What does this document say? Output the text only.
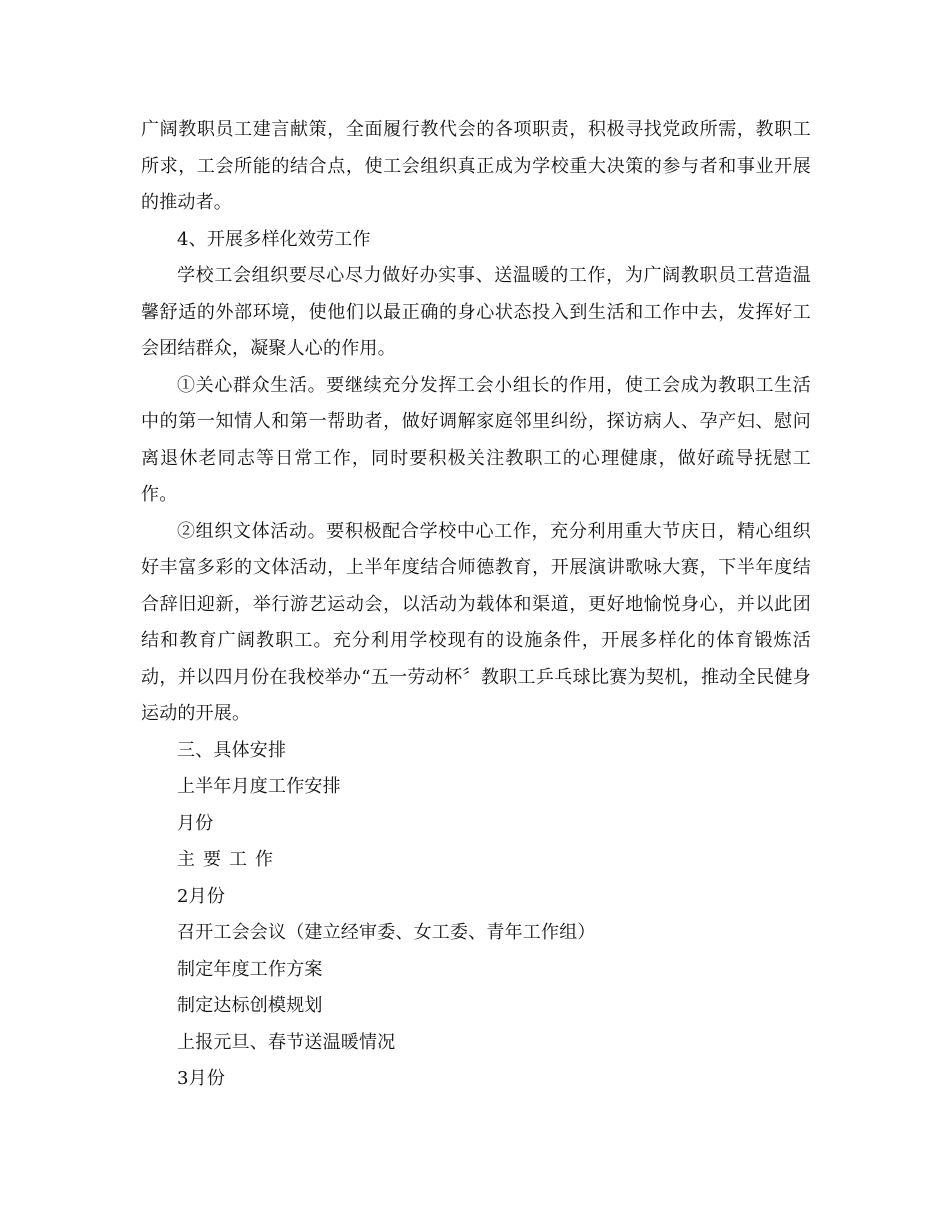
广阔教职员工建言献策，全面履行教代会的各项职责，积极寻找党政所需，教职工所求，工会所能的结合点，使工会组织真正成为学校重大决策的参与者和事业开展的推动者。

4、开展多样化效劳工作

学校工会组织要尽心尽力做好办实事、送温暖的工作，为广阔教职员工营造温馨舒适的外部环境，使他们以最正确的身心状态投入到生活和工作中去，发挥好工会团结群众，凝聚人心的作用。

①关心群众生活。要继续充分发挥工会小组长的作用，使工会成为教职工生活中的第一知情人和第一帮助者，做好调解家庭邻里纠纷，探访病人、孕产妇、慰问离退休老同志等日常工作，同时要积极关注教职工的心理健康，做好疏导抚慰工作。

②组织文体活动。要积极配合学校中心工作，充分利用重大节庆日，精心组织好丰富多彩的文体活动，上半年度结合师德教育，开展演讲歌咏大赛，下半年度结合辞旧迎新，举行游艺运动会，以活动为载体和渠道，更好地愉悦身心，并以此团结和教育广阔教职工。充分利用学校现有的设施条件，开展多样化的体育锻炼活动，并以四月份在我校举办“五一劳动杯〞教职工乒乓球比赛为契机，推动全民健身运动的开展。

三、具体安排

上半年月度工作安排

月份

主要工作

2月份

召开工会会议（建立经审委、女工委、青年工作组）

制定年度工作方案

制定达标创模规划

上报元旦、春节送温暖情况

3月份
